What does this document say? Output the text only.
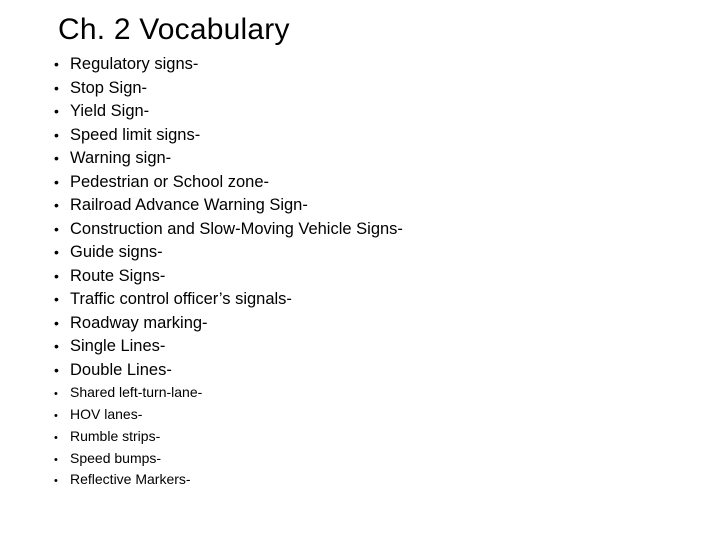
Ch. 2 Vocabulary
• Regulatory signs-
• Stop Sign-
• Yield Sign-
• Speed limit signs-
• Warning sign-
• Pedestrian or School zone-
• Railroad Advance Warning Sign-
• Construction and Slow-Moving Vehicle Signs-
• Guide signs-
• Route Signs-
• Traffic control officer’s signals-
• Roadway marking-
• Single Lines-
• Double Lines-
• Shared left-turn-lane-
• HOV lanes-
• Rumble strips-
• Speed bumps-
• Reflective Markers-
